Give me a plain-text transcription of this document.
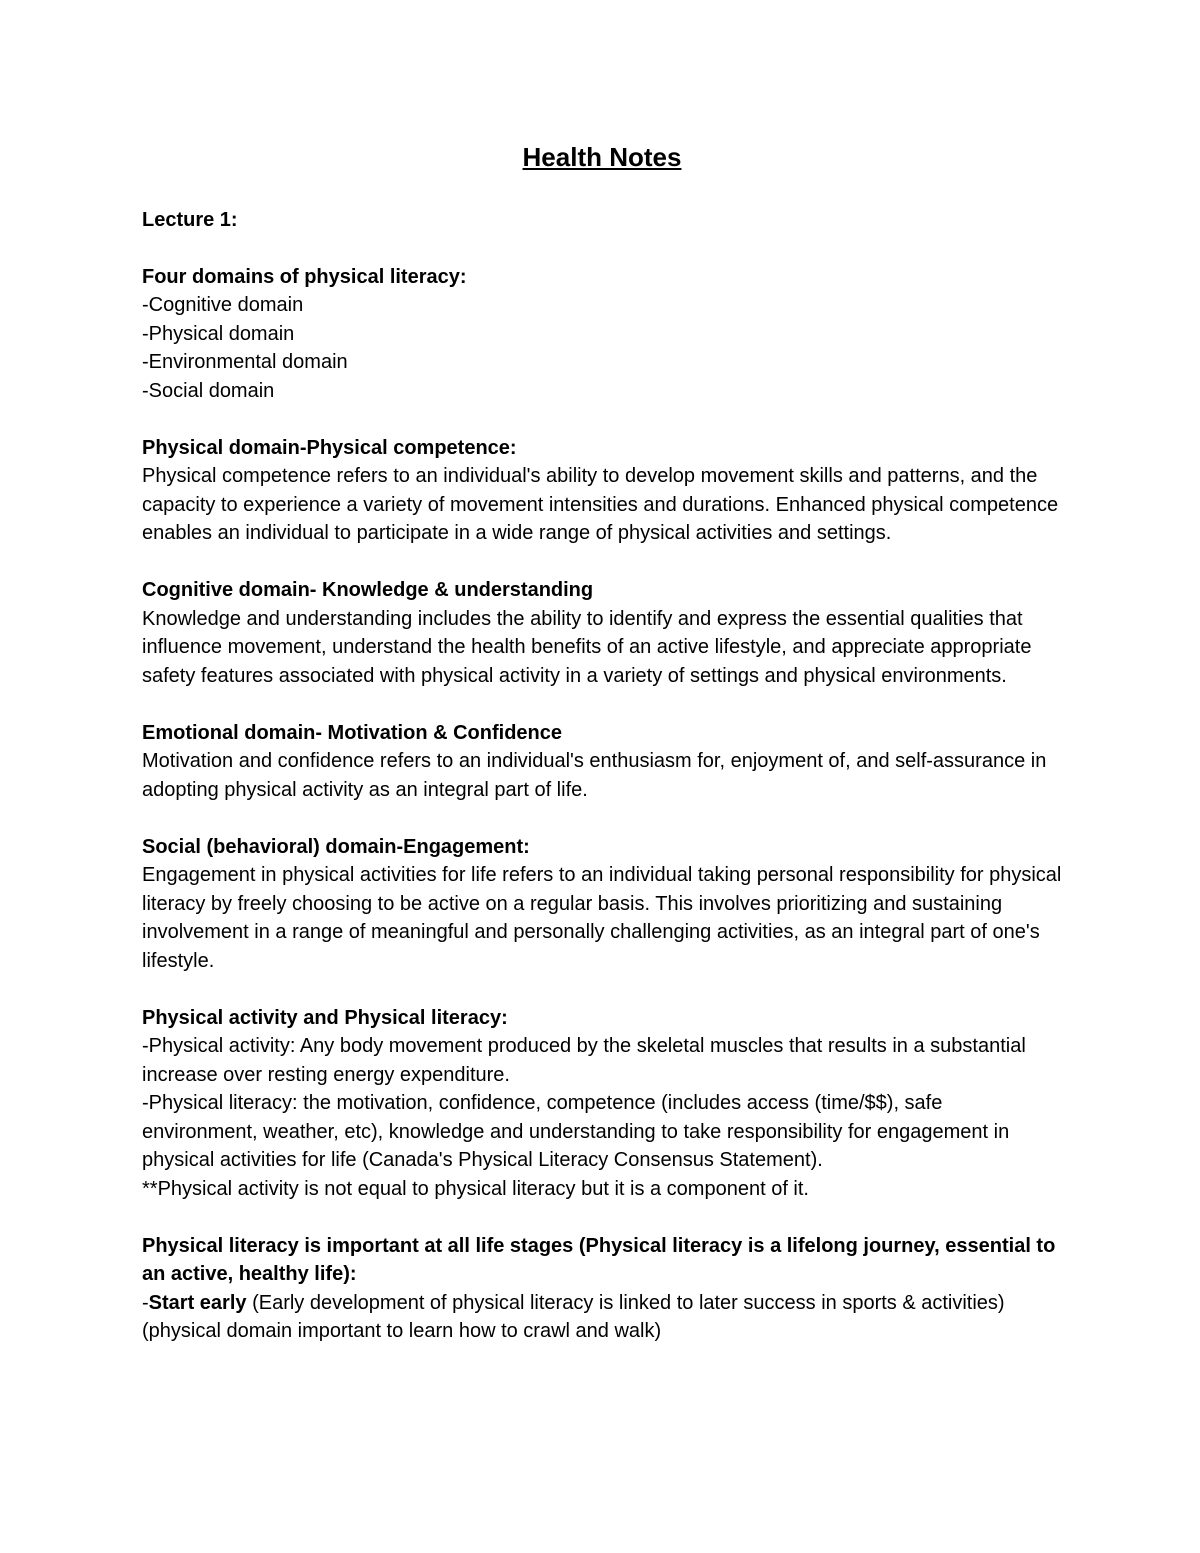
Health Notes
Lecture 1:

Four domains of physical literacy:

-Cognitive domain

-Physical domain

-Environmental domain

-Social domain

Physical domain-Physical competence:

Physical competence refers to an individual's ability to develop movement skills and patterns, and the capacity to experience a variety of movement intensities and durations. Enhanced physical competence enables an individual to participate in a wide range of physical activities and settings.

Cognitive domain- Knowledge & understanding

Knowledge and understanding includes the ability to identify and express the essential qualities that influence movement, understand the health benefits of an active lifestyle, and appreciate appropriate safety features associated with physical activity in a variety of settings and physical environments.

Emotional domain- Motivation & Confidence

Motivation and confidence refers to an individual's enthusiasm for, enjoyment of, and self-assurance in adopting physical activity as an integral part of life.

Social (behavioral) domain-Engagement:

Engagement in physical activities for life refers to an individual taking personal responsibility for physical literacy by freely choosing to be active on a regular basis. This involves prioritizing and sustaining involvement in a range of meaningful and personally challenging activities, as an integral part of one's lifestyle.

Physical activity and Physical literacy:

-Physical activity: Any body movement produced by the skeletal muscles that results in a substantial increase over resting energy expenditure.

-Physical literacy: the motivation, confidence, competence (includes access (time/$$), safe environment, weather, etc), knowledge and understanding to take responsibility for engagement in physical activities for life (Canada's Physical Literacy Consensus Statement).

**Physical activity is not equal to physical literacy but it is a component of it.

Physical literacy is important at all life stages (Physical literacy is a lifelong journey, essential to an active, healthy life):

-Start early (Early development of physical literacy is linked to later success in sports & activities) (physical domain important to learn how to crawl and walk)
